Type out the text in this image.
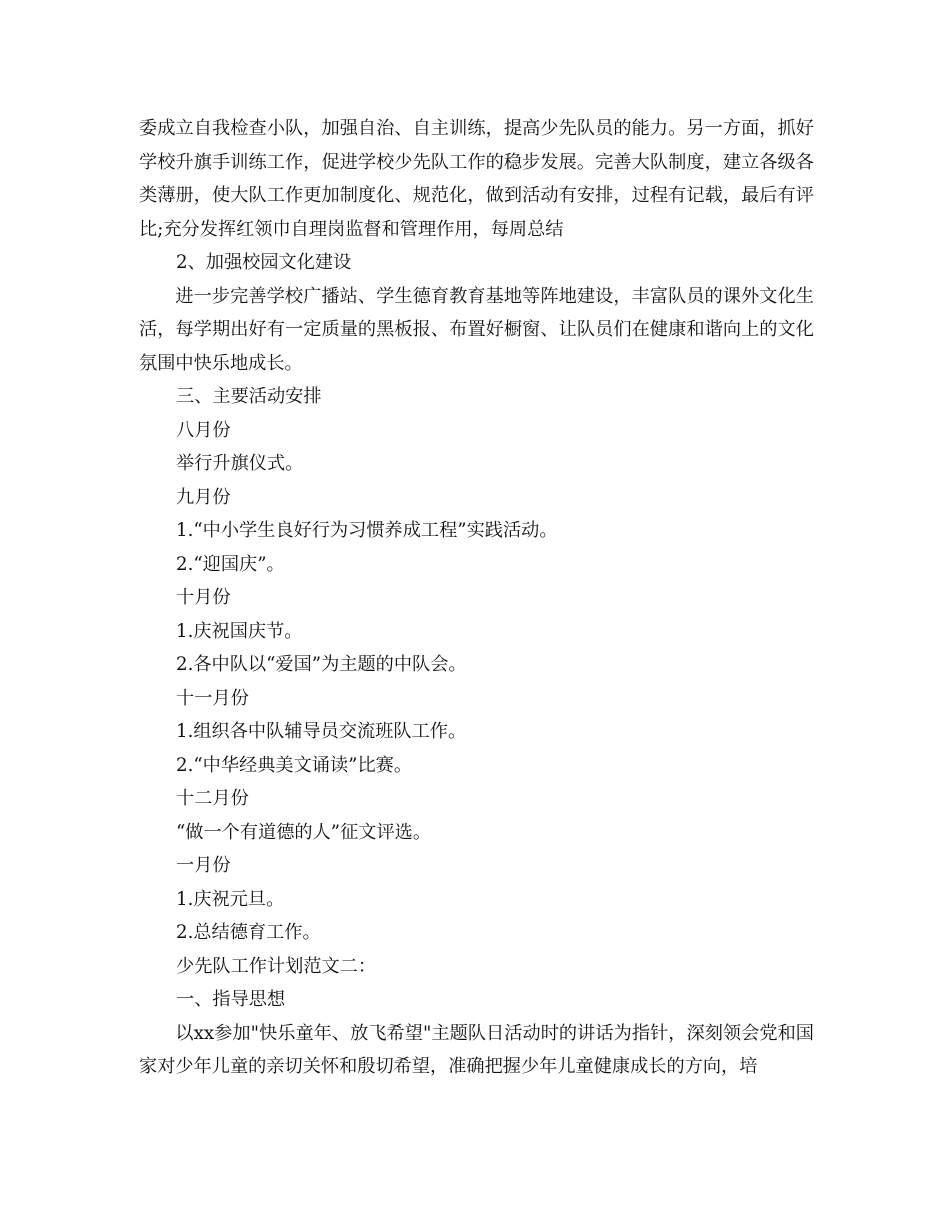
委成立自我检查小队，加强自治、自主训练，提高少先队员的能力。另一方面，抓好学校升旗手训练工作，促进学校少先队工作的稳步发展。完善大队制度，建立各级各类薄册，使大队工作更加制度化、规范化，做到活动有安排，过程有记载，最后有评比;充分发挥红领巾自理岗监督和管理作用，每周总结

2、加强校园文化建设

进一步完善学校广播站、学生德育教育基地等阵地建设，丰富队员的课外文化生活，每学期出好有一定质量的黑板报、布置好橱窗、让队员们在健康和谐向上的文化氛围中快乐地成长。

三、主要活动安排

八月份

举行升旗仪式。

九月份

1.“中小学生良好行为习惯养成工程”实践活动。

2.“迎国庆”。

十月份

1.庆祝国庆节。

2.各中队以“爱国”为主题的中队会。

十一月份

1.组织各中队辅导员交流班队工作。

2.“中华经典美文诵读”比赛。

十二月份

“做一个有道德的人”征文评选。

一月份

1.庆祝元旦。

2.总结德育工作。

少先队工作计划范文二：

一、指导思想

以xx参加"快乐童年、放飞希望"主题队日活动时的讲话为指针，深刻领会党和国家对少年儿童的亲切关怀和殷切希望，准确把握少年儿童健康成长的方向，培
